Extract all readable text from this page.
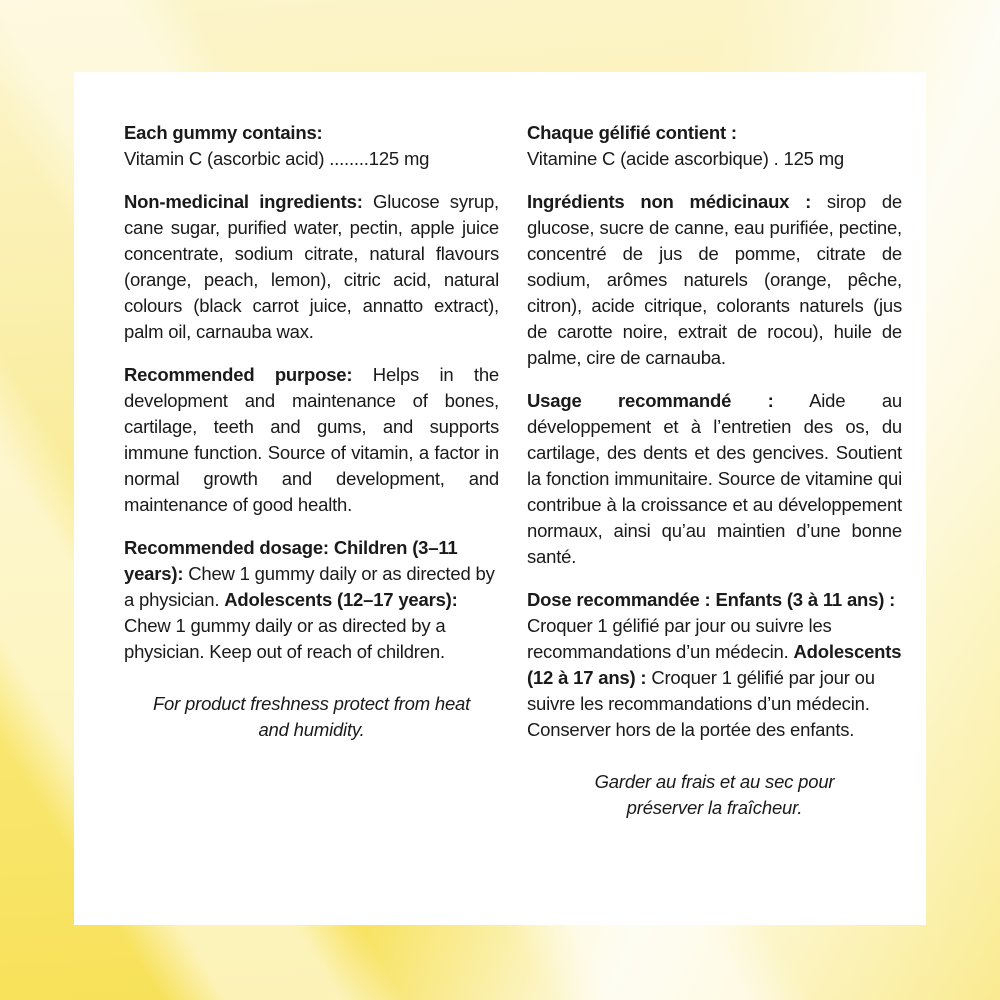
Each gummy contains:
Vitamin C (ascorbic acid) ........125 mg

Non-medicinal ingredients: Glucose syrup, cane sugar, purified water, pectin, apple juice concentrate, sodium citrate, natural flavours (orange, peach, lemon), citric acid, natural colours (black carrot juice, annatto extract), palm oil, carnauba wax.

Recommended purpose: Helps in the development and maintenance of bones, cartilage, teeth and gums, and supports immune function. Source of vitamin, a factor in normal growth and development, and maintenance of good health.

Recommended dosage: Children (3–11 years): Chew 1 gummy daily or as directed by a physician. Adolescents (12–17 years): Chew 1 gummy daily or as directed by a physician. Keep out of reach of children.

For product freshness protect from heat and humidity.
Chaque gélifié contient :
Vitamine C (acide ascorbique) . 125 mg

Ingrédients non médicinaux : sirop de glucose, sucre de canne, eau purifiée, pectine, concentré de jus de pomme, citrate de sodium, arômes naturels (orange, pêche, citron), acide citrique, colorants naturels (jus de carotte noire, extrait de rocou), huile de palme, cire de carnauba.

Usage recommandé : Aide au développement et à l’entretien des os, du cartilage, des dents et des gencives. Soutient la fonction immunitaire. Source de vitamine qui contribue à la croissance et au développement normaux, ainsi qu’au maintien d’une bonne santé.

Dose recommandée : Enfants (3 à 11 ans) : Croquer 1 gélifié par jour ou suivre les recommandations d’un médecin. Adolescents (12 à 17 ans) : Croquer 1 gélifié par jour ou suivre les recommandations d’un médecin. Conserver hors de la portée des enfants.

Garder au frais et au sec pour préserver la fraîcheur.
